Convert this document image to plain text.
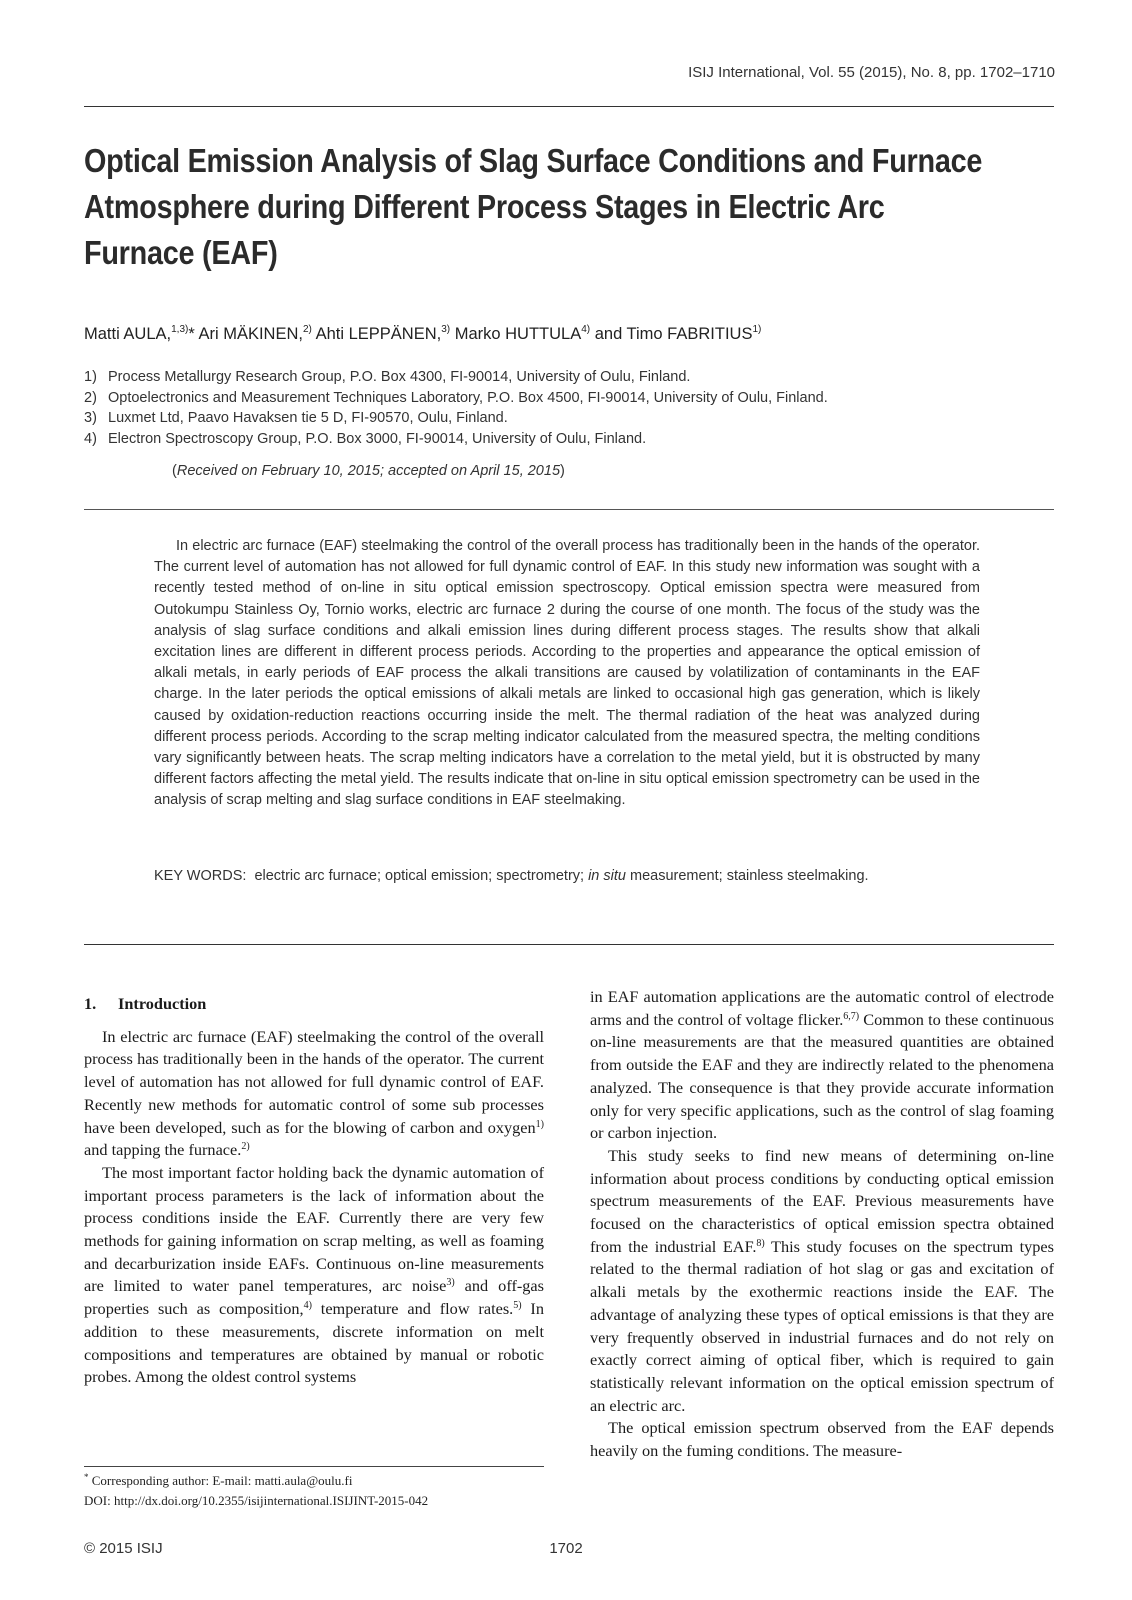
ISIJ International, Vol. 55 (2015), No. 8, pp. 1702–1710
Optical Emission Analysis of Slag Surface Conditions and Furnace
Atmosphere during Different Process Stages in Electric Arc
Furnace (EAF)
Matti AULA,$^{1,3)}$* Ari MÄKINEN,$^{2)}$ Ahti LEPPÄNEN,$^{3)}$ Marko HUTTULA$^{4)}$ and Timo FABRITIUS$^{1)}$
1) Process Metallurgy Research Group, P.O. Box 4300, FI-90014, University of Oulu, Finland.
2) Optoelectronics and Measurement Techniques Laboratory, P.O. Box 4500, FI-90014, University of Oulu, Finland.
3) Luxmet Ltd, Paavo Havaksen tie 5 D, FI-90570, Oulu, Finland.
4) Electron Spectroscopy Group, P.O. Box 3000, FI-90014, University of Oulu, Finland.
(Received on February 10, 2015; accepted on April 15, 2015)
In electric arc furnace (EAF) steelmaking the control of the overall process has traditionally been in the hands of the operator. The current level of automation has not allowed for full dynamic control of EAF. In this study new information was sought with a recently tested method of on-line in situ optical emission spectroscopy. Optical emission spectra were measured from Outokumpu Stainless Oy, Tornio works, electric arc furnace 2 during the course of one month. The focus of the study was the analysis of slag surface conditions and alkali emission lines during different process stages. The results show that alkali excitation lines are different in different process periods. According to the properties and appearance the optical emission of alkali metals, in early periods of EAF process the alkali transitions are caused by volatilization of contaminants in the EAF charge. In the later periods the optical emissions of alkali metals are linked to occasional high gas generation, which is likely caused by oxidation-reduction reactions occurring inside the melt. The thermal radiation of the heat was analyzed during different process periods. According to the scrap melting indicator calculated from the measured spectra, the melting conditions vary significantly between heats. The scrap melting indicators have a correlation to the metal yield, but it is obstructed by many different factors affecting the metal yield. The results indicate that on-line in situ optical emission spectrometry can be used in the analysis of scrap melting and slag surface conditions in EAF steelmaking.
KEY WORDS: electric arc furnace; optical emission; spectrometry; in situ measurement; stainless steelmaking.

1. Introduction

In electric arc furnace (EAF) steelmaking the control of the overall process has traditionally been in the hands of the operator. The current level of automation has not allowed for full dynamic control of EAF. Recently new methods for automatic control of some sub processes have been developed, such as for the blowing of carbon and oxygen$^{1)}$ and tapping the furnace.$^{2)}$

The most important factor holding back the dynamic automation of important process parameters is the lack of information about the process conditions inside the EAF. Currently there are very few methods for gaining information on scrap melting, as well as foaming and decarburization inside EAFs. Continuous on-line measurements are limited to water panel temperatures, arc noise$^{3)}$ and off-gas properties such as composition,$^{4)}$ temperature and flow rates.$^{5)}$ In addition to these measurements, discrete information on melt compositions and temperatures are obtained by manual or robotic probes. Among the oldest control systems

in EAF automation applications are the automatic control of electrode arms and the control of voltage flicker.$^{6,7)}$ Common to these continuous on-line measurements are that the measured quantities are obtained from outside the EAF and they are indirectly related to the phenomena analyzed. The consequence is that they provide accurate information only for very specific applications, such as the control of slag foaming or carbon injection.

This study seeks to find new means of determining on-line information about process conditions by conducting optical emission spectrum measurements of the EAF. Previous measurements have focused on the characteristics of optical emission spectra obtained from the industrial EAF.$^{8)}$ This study focuses on the spectrum types related to the thermal radiation of hot slag or gas and excitation of alkali metals by the exothermic reactions inside the EAF. The advantage of analyzing these types of optical emissions is that they are very frequently observed in industrial furnaces and do not rely on exactly correct aiming of optical fiber, which is required to gain statistically relevant information on the optical emission spectrum of an electric arc.

The optical emission spectrum observed from the EAF depends heavily on the fuming conditions. The measure-

* Corresponding author: E-mail: matti.aula@oulu.fi
DOI: http://dx.doi.org/10.2355/isijinternational.ISIJINT-2015-042
© 2015 ISIJ	1702
